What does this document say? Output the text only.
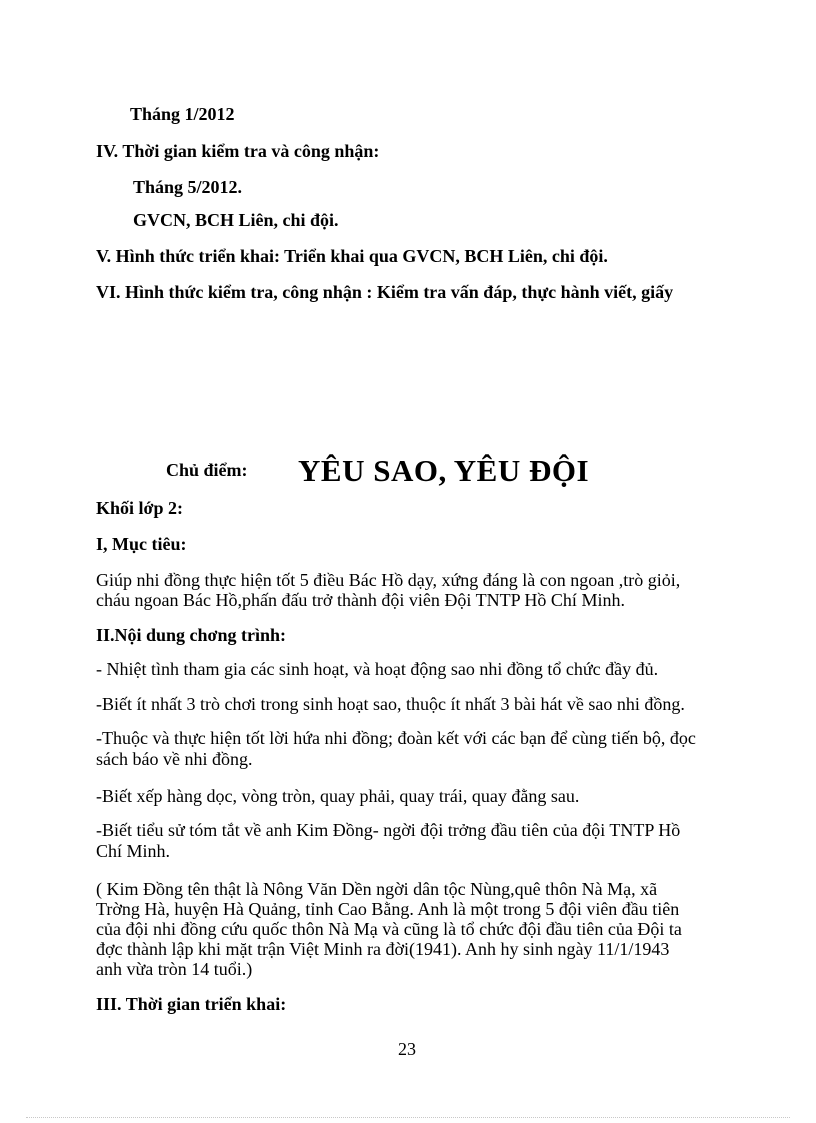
Tháng 1/2012
IV. Thời gian kiểm tra và công nhận:
Tháng 5/2012.
GVCN, BCH Liên, chi đội.
V. Hình thức triển khai: Triển khai qua GVCN, BCH Liên, chi đội.
VI. Hình thức kiểm tra, công nhận : Kiểm tra vấn đáp, thực hành viết, giấy
Chủ điểm: YÊU SAO, YÊU ĐỘI
Khối lớp 2:
I, Mục tiêu:
Giúp nhi đồng thực hiện tốt 5 điều Bác Hồ dạy, xứng đáng là con ngoan ,trò giỏi,
cháu ngoan Bác Hồ,phấn đấu trở thành đội viên Đội TNTP Hồ Chí Minh.
II.Nội dung chơng trình:
- Nhiệt tình tham gia các sinh hoạt, và hoạt động sao nhi đồng tổ chức đầy đủ.
-Biết ít nhất 3 trò chơi trong sinh hoạt sao, thuộc ít nhất 3 bài hát về sao nhi đồng.
-Thuộc và thực hiện tốt lời hứa nhi đồng; đoàn kết với các bạn để cùng tiến bộ, đọc
sách báo về nhi đồng.
-Biết xếp hàng dọc, vòng tròn, quay phải, quay trái, quay đằng sau.
-Biết tiểu sử tóm tắt về anh Kim Đồng- ngời đội trởng đầu tiên của đội TNTP Hồ
Chí Minh.
( Kim Đồng tên thật là Nông Văn Dền ngời dân tộc Nùng,quê thôn Nà Mạ, xã
Trờng Hà, huyện Hà Quảng, tỉnh Cao Bằng. Anh là một trong 5 đội viên đầu tiên
của đội nhi đồng cứu quốc thôn Nà Mạ và cũng là tổ chức đội đầu tiên của Đội ta
đợc thành lập khi mặt trận Việt Minh ra đời(1941). Anh hy sinh ngày 11/1/1943
anh vừa tròn 14 tuổi.)
III. Thời gian triển khai:
23
